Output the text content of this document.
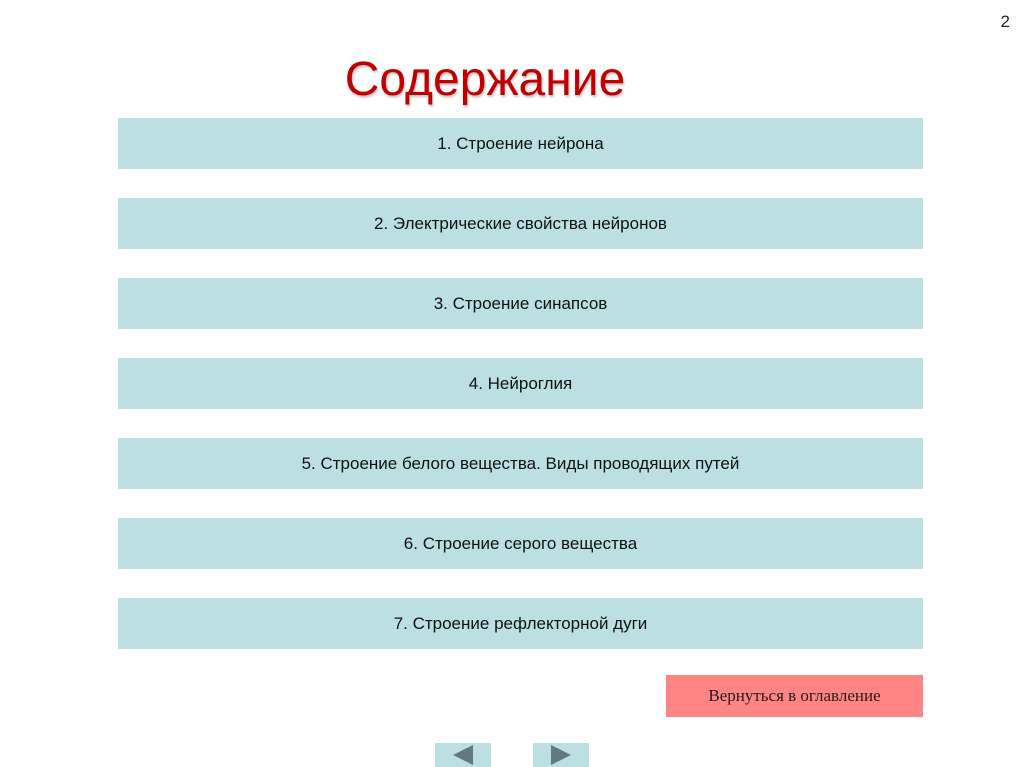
2
Содержание
1. Строение нейрона
2. Электрические свойства нейронов
3. Строение синапсов
4. Нейроглия
5. Строение белого вещества. Виды проводящих путей
6. Строение серого вещества
7. Строение рефлекторной дуги
Вернуться в оглавление
